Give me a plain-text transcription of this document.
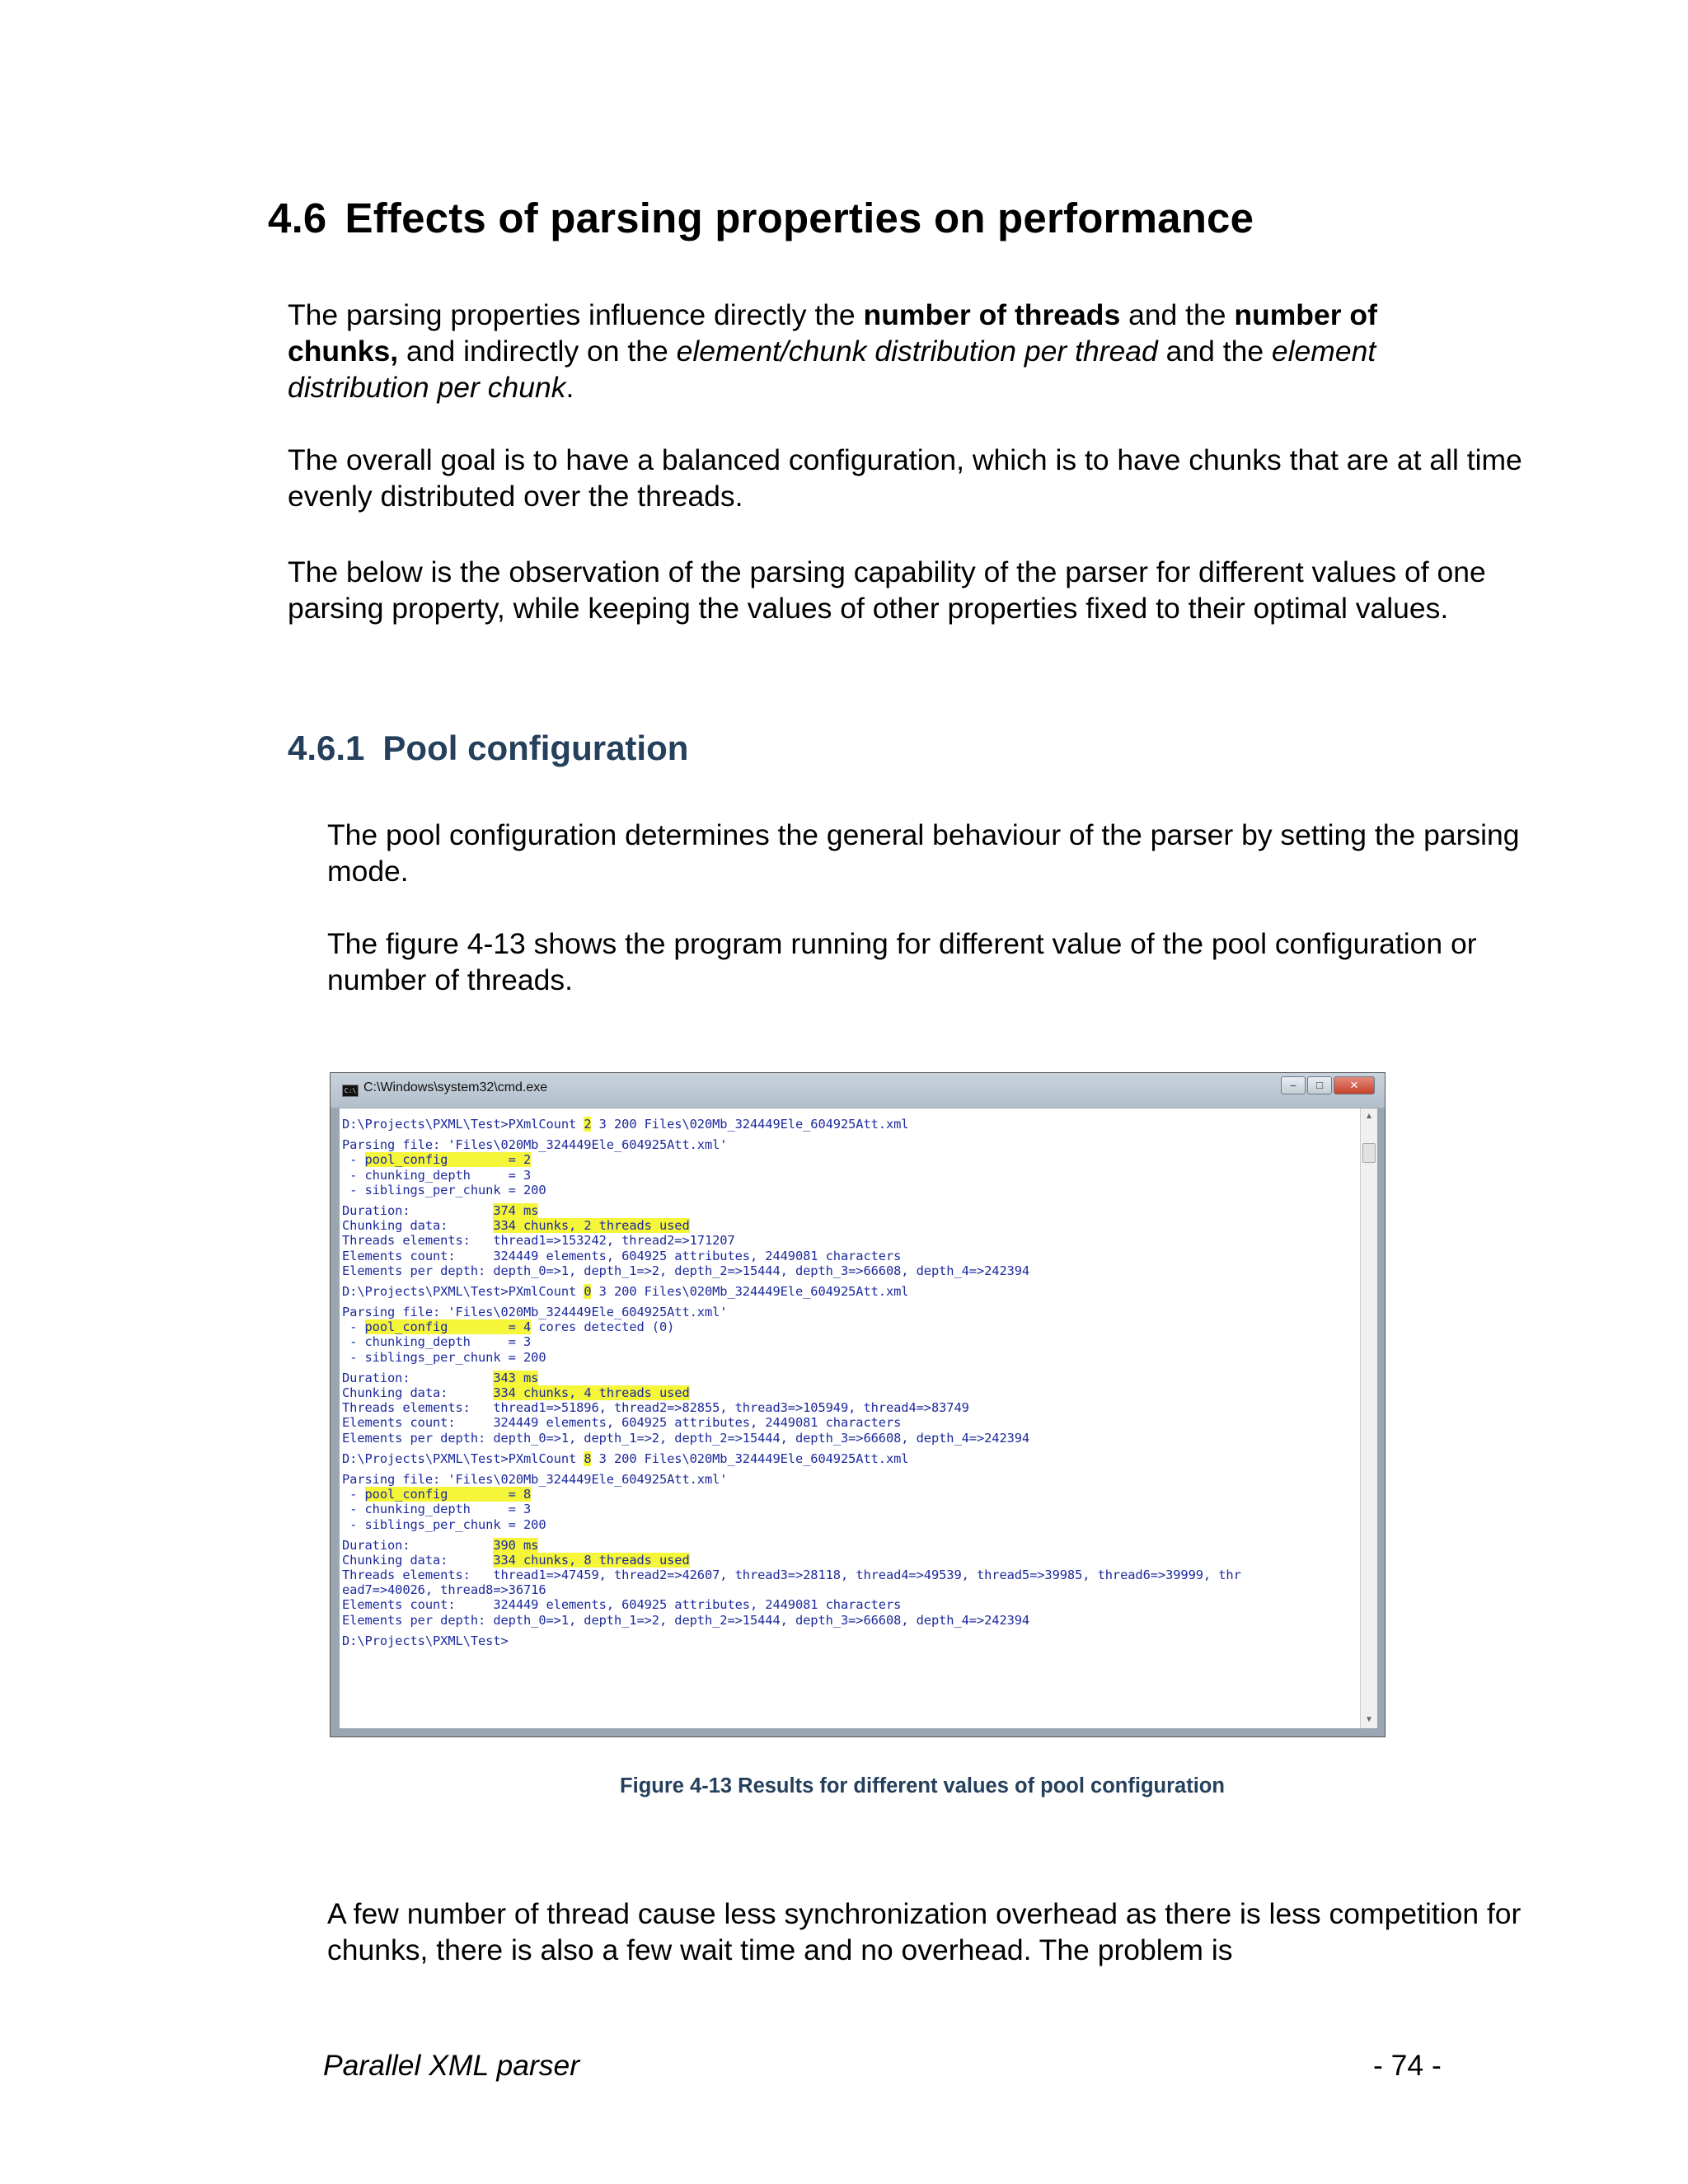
4.6 Effects of parsing properties on performance

The parsing properties influence directly the number of threads and the number of chunks, and indirectly on the element/chunk distribution per thread and the element distribution per chunk.

The overall goal is to have a balanced configuration, which is to have chunks that are at all time evenly distributed over the threads.

The below is the observation of the parsing capability of the parser for different values of one parsing property, while keeping the values of other properties fixed to their optimal values.

4.6.1 Pool configuration

The pool configuration determines the general behaviour of the parser by setting the parsing mode.

The figure 4-13 shows the program running for different value of the pool configuration or number of threads.

C:\ C:\Windows\system32\cmd.exe	–	□	✕
D:\Projects\PXML\Test>PXmlCount 2 3 200 Files\020Mb_324449Ele_604925Att.xml
Parsing file: 'Files\020Mb_324449Ele_604925Att.xml'
- pool_config        = 2
- chunking_depth     = 3
- siblings_per_chunk = 200
Duration:           374 ms
Chunking data:      334 chunks, 2 threads used
Threads elements:   thread1=>153242, thread2=>171207
Elements count:     324449 elements, 604925 attributes, 2449081 characters
Elements per depth: depth_0=>1, depth_1=>2, depth_2=>15444, depth_3=>66608, depth_4=>242394
D:\Projects\PXML\Test>PXmlCount 0 3 200 Files\020Mb_324449Ele_604925Att.xml
Parsing file: 'Files\020Mb_324449Ele_604925Att.xml'
- pool_config        = 4 cores detected (0)
- chunking_depth     = 3
- siblings_per_chunk = 200
Duration:           343 ms
Chunking data:      334 chunks, 4 threads used
Threads elements:   thread1=>51896, thread2=>82855, thread3=>105949, thread4=>83749
Elements count:     324449 elements, 604925 attributes, 2449081 characters
Elements per depth: depth_0=>1, depth_1=>2, depth_2=>15444, depth_3=>66608, depth_4=>242394
D:\Projects\PXML\Test>PXmlCount 8 3 200 Files\020Mb_324449Ele_604925Att.xml
Parsing file: 'Files\020Mb_324449Ele_604925Att.xml'
- pool_config        = 8
- chunking_depth     = 3
- siblings_per_chunk = 200
Duration:           390 ms
Chunking data:      334 chunks, 8 threads used
Threads elements:   thread1=>47459, thread2=>42607, thread3=>28118, thread4=>49539, thread5=>39985, thread6=>39999, thr
ead7=>40026, thread8=>36716
Elements count:     324449 elements, 604925 attributes, 2449081 characters
Elements per depth: depth_0=>1, depth_1=>2, depth_2=>15444, depth_3=>66608, depth_4=>242394
D:\Projects\PXML\Test>
▲
▼
Figure 4-13 Results for different values of pool configuration

A few number of thread cause less synchronization overhead as there is less competition for chunks, there is also a few wait time and no overhead. The problem is

Parallel XML parser	- 74 -
